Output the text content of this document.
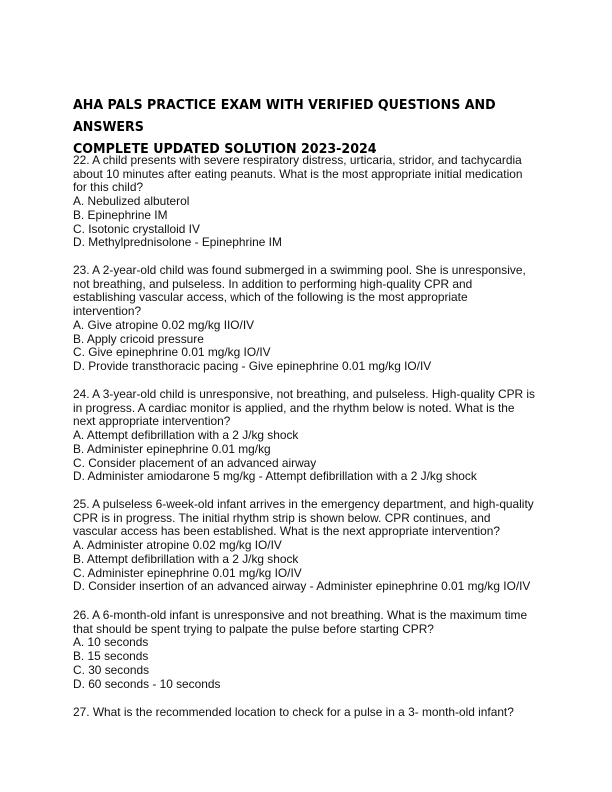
AHA PALS PRACTICE EXAM WITH VERIFIED QUESTIONS AND ANSWERS
COMPLETE UPDATED SOLUTION 2023-2024

22. A child presents with severe respiratory distress, urticaria, stridor, and tachycardia

about 10 minutes after eating peanuts. What is the most appropriate initial medication

for this child?

A. Nebulized albuterol

B. Epinephrine IM

C. Isotonic crystalloid IV

D. Methylprednisolone - Epinephrine IM

23. A 2-year-old child was found submerged in a swimming pool. She is unresponsive,

not breathing, and pulseless. In addition to performing high-quality CPR and

establishing vascular access, which of the following is the most appropriate

intervention?

A. Give atropine 0.02 mg/kg IIO/IV

B. Apply cricoid pressure

C. Give epinephrine 0.01 mg/kg IO/IV

D. Provide transthoracic pacing - Give epinephrine 0.01 mg/kg IO/IV

24. A 3-year-old child is unresponsive, not breathing, and pulseless. High-quality CPR is

in progress. A cardiac monitor is applied, and the rhythm below is noted. What is the

next appropriate intervention?

A. Attempt defibrillation with a 2 J/kg shock

B. Administer epinephrine 0.01 mg/kg

C. Consider placement of an advanced airway

D. Administer amiodarone 5 mg/kg - Attempt defibrillation with a 2 J/kg shock

25. A pulseless 6-week-old infant arrives in the emergency department, and high-quality

CPR is in progress. The initial rhythm strip is shown below. CPR continues, and

vascular access has been established. What is the next appropriate intervention?

A. Administer atropine 0.02 mg/kg IO/IV

B. Attempt defibrillation with a 2 J/kg shock

C. Administer epinephrine 0.01 mg/kg IO/IV

D. Consider insertion of an advanced airway - Administer epinephrine 0.01 mg/kg IO/IV

26. A 6-month-old infant is unresponsive and not breathing. What is the maximum time

that should be spent trying to palpate the pulse before starting CPR?

A. 10 seconds

B. 15 seconds

C. 30 seconds

D. 60 seconds - 10 seconds

27. What is the recommended location to check for a pulse in a 3- month-old infant?
